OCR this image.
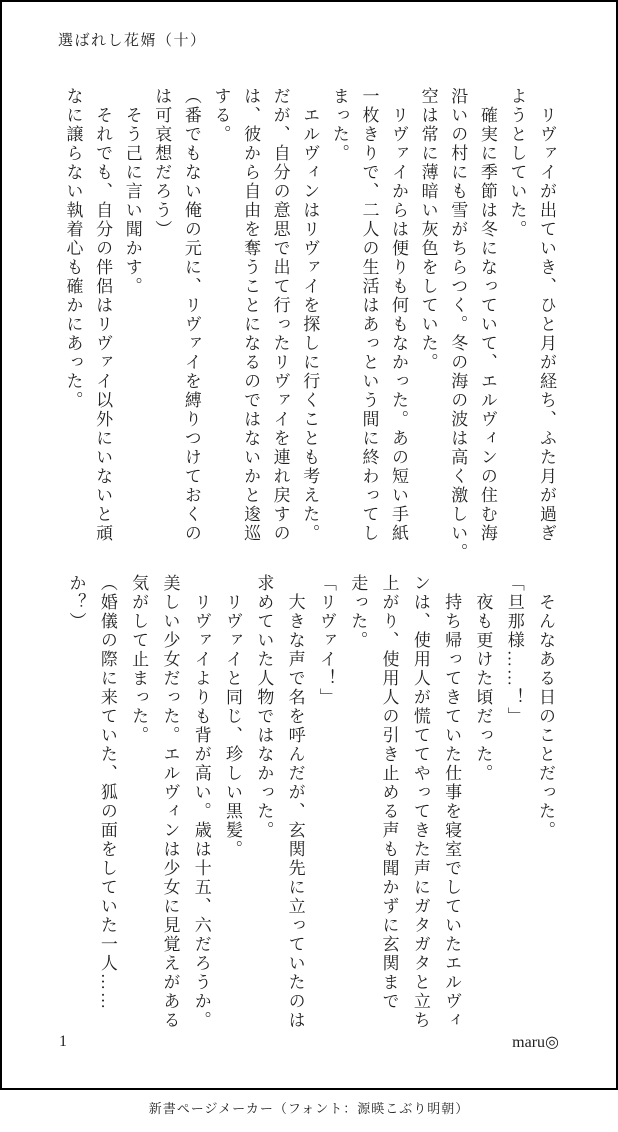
選ばれし花婿（十）
　リヴァイが出ていき、ひと月が経ち、ふた月が過ぎ
ようとしていた。
　確実に季節は冬になっていて、エルヴィンの住む海
沿いの村にも雪がちらつく。冬の海の波は高く激しい。
空は常に薄暗い灰色をしていた。
　リヴァイからは便りも何もなかった。あの短い手紙
一枚きりで、二人の生活はあっという間に終わってし
まった。
　エルヴィンはリヴァイを探しに行くことも考えた。
だが、自分の意思で出て行ったリヴァイを連れ戻すの
は、彼から自由を奪うことになるのではないかと逡巡
する。
（番でもない俺の元に、リヴァイを縛りつけておくの
は可哀想だろう）
　そう己に言い聞かす。
　それでも、自分の伴侶はリヴァイ以外にいないと頑
なに譲らない執着心も確かにあった。
　そんなある日のことだった。
「旦那様……！」
　夜も更けた頃だった。
　持ち帰ってきていた仕事を寝室でしていたエルヴィ
ンは、使用人が慌ててやってきた声にガタガタと立ち
上がり、使用人の引き止める声も聞かずに玄関まで
走った。
「リヴァイ！」
　大きな声で名を呼んだが、玄関先に立っていたのは
求めていた人物ではなかった。
　リヴァイと同じ、珍しい黒髪。
　リヴァイよりも背が高い。歳は十五、六だろうか。
美しい少女だった。エルヴィンは少女に見覚えがある
気がして止まった。
（婚儀の際に来ていた、狐の面をしていた一人……
か？）
1	maru◎
新書ページメーカー（フォント：源暎こぶり明朝）
